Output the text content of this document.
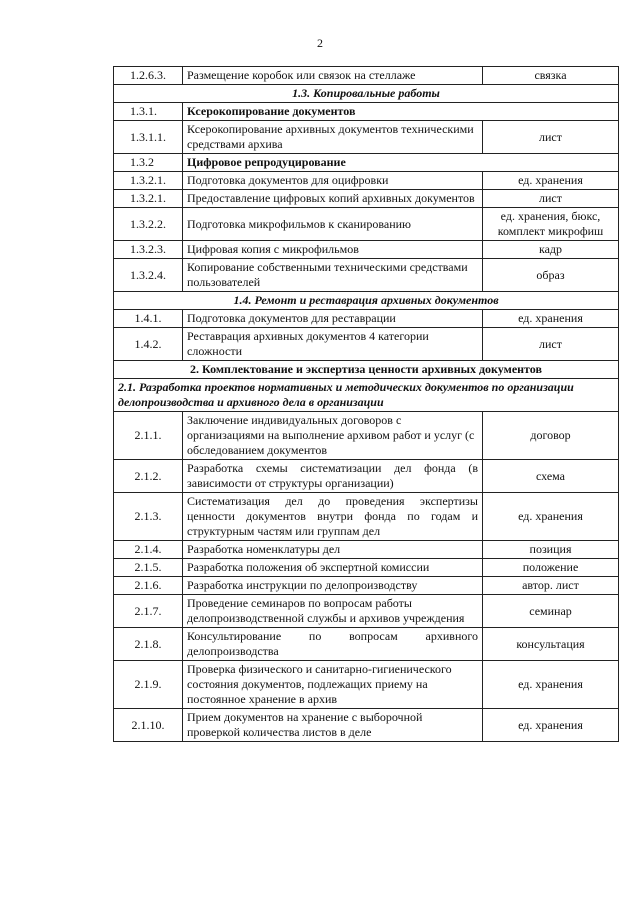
2
1.2.6.3.	Размещение коробок или связок на стеллаже	связка
1.3. Копировальные работы		
1.3.1.	Ксерокопирование документов	
1.3.1.1.	Ксерокопирование архивных документов техническими средствами архива	лист
1.3.2	Цифровое репродуцирование	
1.3.2.1.	Подготовка документов для оцифровки	ед. хранения
1.3.2.1.	Предоставление цифровых копий архивных документов	лист
1.3.2.2.	Подготовка микрофильмов к сканированию	ед. хранения, бюкс, комплект микрофиш
1.3.2.3.	Цифровая копия с микрофильмов	кадр
1.3.2.4.	Копирование собственными техническими средствами пользователей	образ
1.4. Ремонт и реставрация архивных документов		
1.4.1.	Подготовка документов для реставрации	ед. хранения
1.4.2.	Реставрация архивных документов 4 категории сложности	лист
2. Комплектование и экспертиза ценности архивных документов		
2.1. Разработка проектов нормативных и методических документов по организации делопроизводства и архивного дела в организации		
2.1.1.	Заключение индивидуальных договоров с организациями на выполнение архивом работ и услуг (с обследованием документов	договор
2.1.2.	Разработка схемы систематизации дел фонда (в зависимости от структуры организации)	схема
2.1.3.	Систематизация дел до проведения экспертизы ценности документов внутри фонда по годам и структурным частям или группам дел	ед. хранения
2.1.4.	Разработка номенклатуры дел	позиция
2.1.5.	Разработка положения об экспертной комиссии	положение
2.1.6.	Разработка инструкции по делопроизводству	автор. лист
2.1.7.	Проведение семинаров по вопросам работы делопроизводственной службы и архивов учреждения	семинар
2.1.8.	Консультирование по вопросам архивного делопроизводства	консультация
2.1.9.	Проверка физического и санитарно-гигиенического состояния документов, подлежащих приему на постоянное хранение в архив	ед. хранения
2.1.10.	Прием документов на хранение с выборочной проверкой количества листов в деле	ед. хранения
